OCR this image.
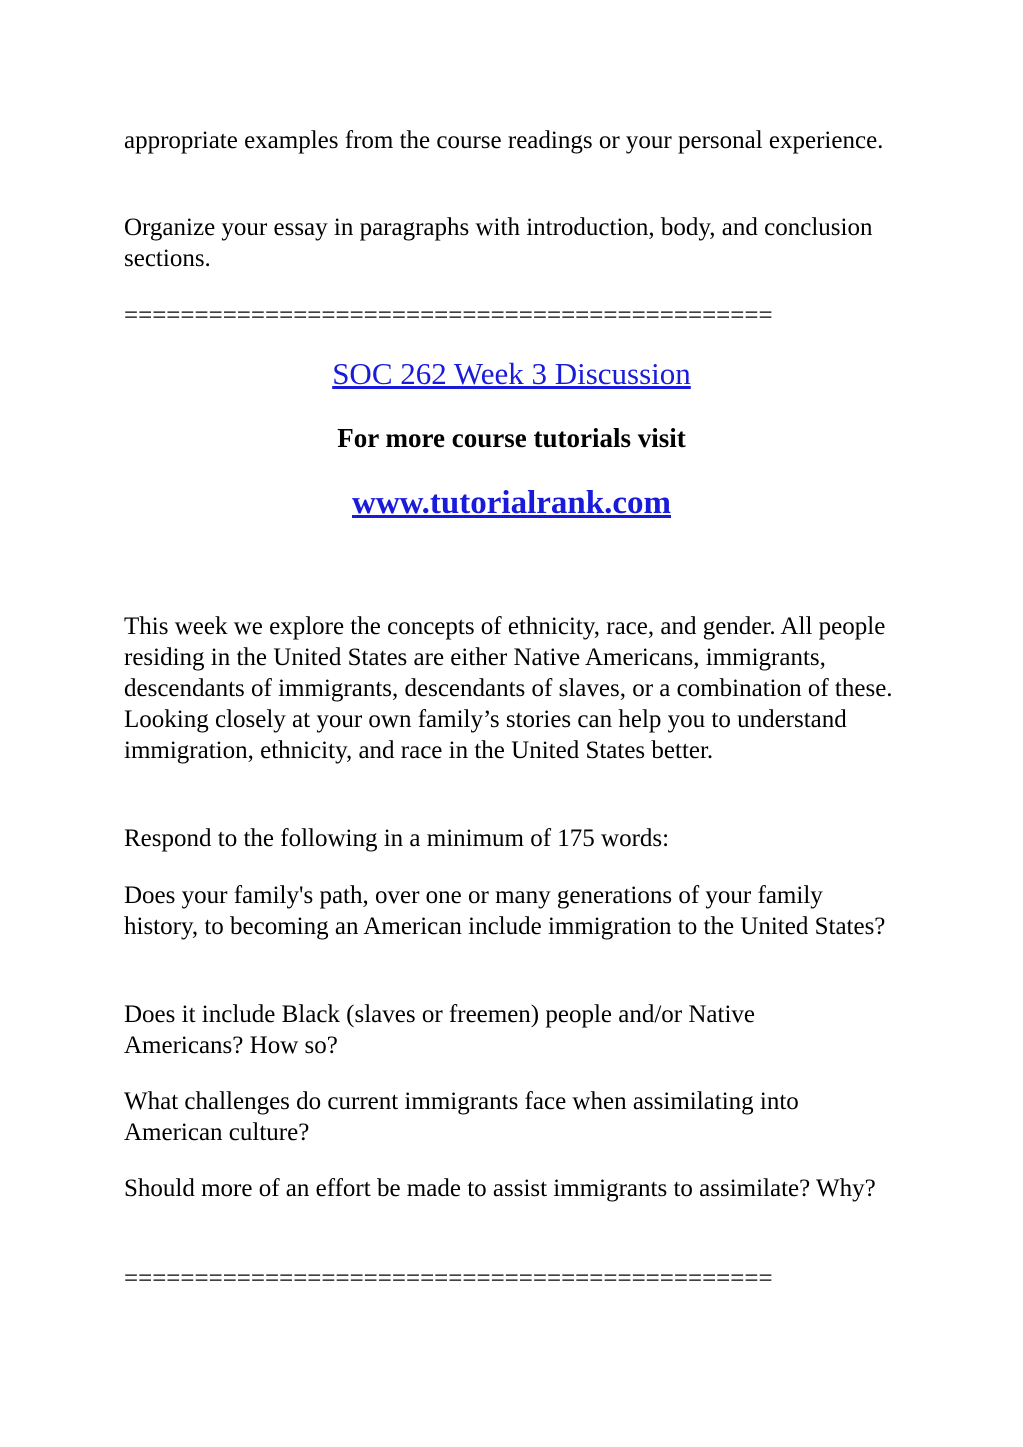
appropriate examples from the course readings or your personal experience.

Organize your essay in paragraphs with introduction, body, and conclusion sections.

==============================================

SOC 262 Week 3 Discussion

For more course tutorials visit

www.tutorialrank.com

This week we explore the concepts of ethnicity, race, and gender. All people residing in the United States are either Native Americans, immigrants, descendants of immigrants, descendants of slaves, or a combination of these. Looking closely at your own family’s stories can help you to understand immigration, ethnicity, and race in the United States better.

Respond to the following in a minimum of 175 words:

Does your family's path, over one or many generations of your family history, to becoming an American include immigration to the United States?

Does it include Black (slaves or freemen) people and/or Native Americans? How so?

What challenges do current immigrants face when assimilating into American culture?

Should more of an effort be made to assist immigrants to assimilate? Why?

==============================================
